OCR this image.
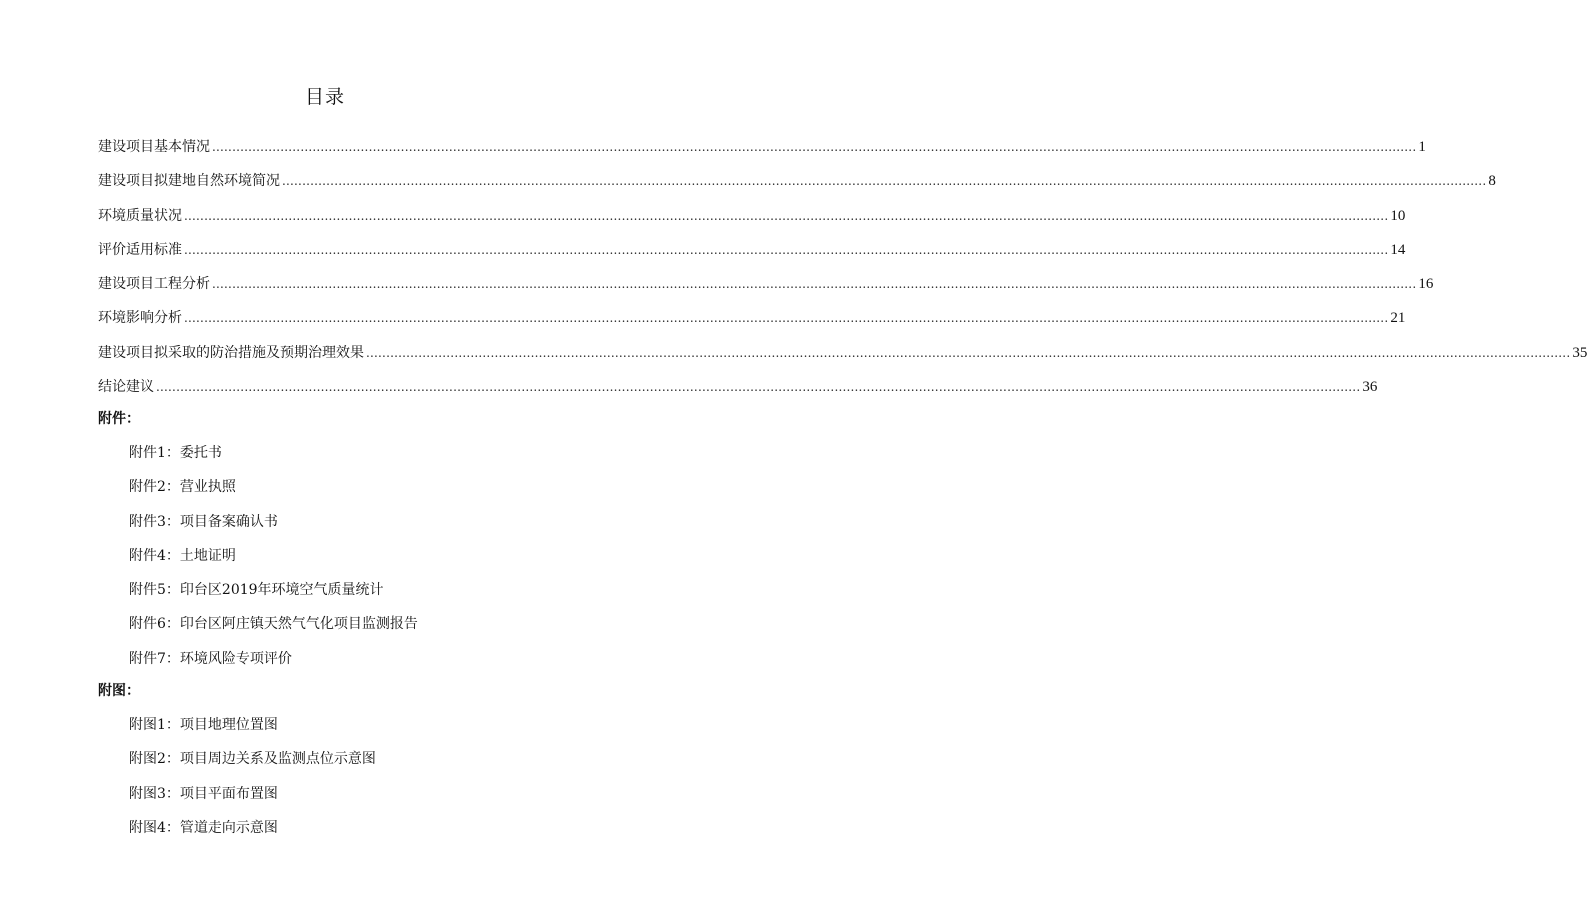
目录
建设项目基本情况 ............................................................................................................................................................................................................................................................................................................ 1
建设项目拟建地自然环境简况 ............................................................................................................................................................................................................................................................................................................ 8
环境质量状况 ............................................................................................................................................................................................................................................................................................................ 10
评价适用标准 ............................................................................................................................................................................................................................................................................................................ 14
建设项目工程分析 ............................................................................................................................................................................................................................................................................................................ 16
环境影响分析 ............................................................................................................................................................................................................................................................................................................ 21
建设项目拟采取的防治措施及预期治理效果 ............................................................................................................................................................................................................................................................................................................ 35
结论建议 ............................................................................................................................................................................................................................................................................................................ 36
附件：
附件1：委托书
附件2：营业执照
附件3：项目备案确认书
附件4：土地证明
附件5：印台区2019年环境空气质量统计
附件6：印台区阿庄镇天然气气化项目监测报告
附件7：环境风险专项评价
附图：
附图1：项目地理位置图
附图2：项目周边关系及监测点位示意图
附图3：项目平面布置图
附图4：管道走向示意图
